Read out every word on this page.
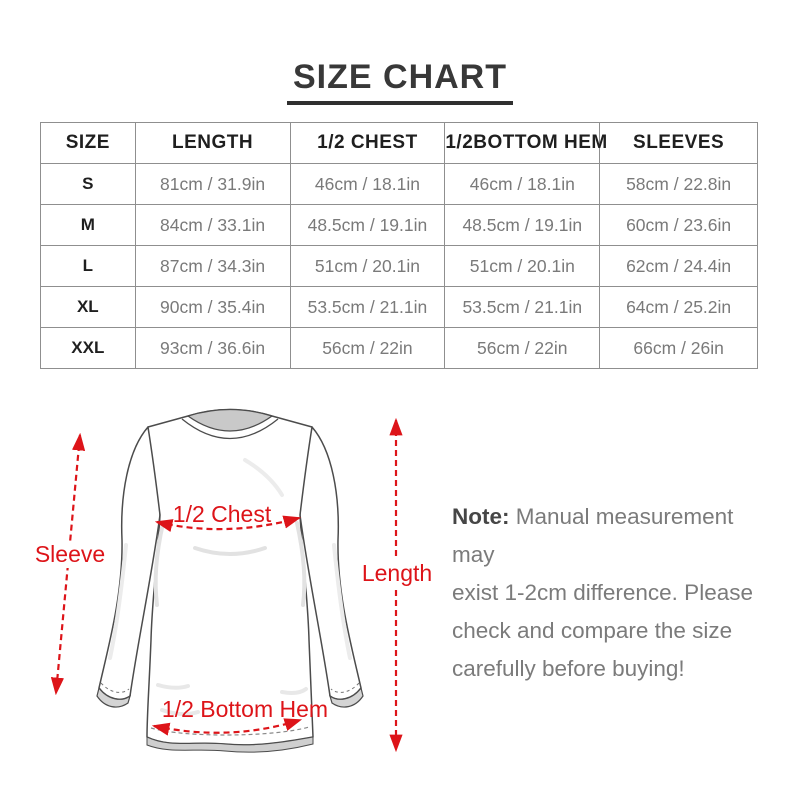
SIZE CHART
SIZE	LENGTH	1/2 CHEST	1/2BOTTOM HEM	SLEEVES
S	81cm / 31.9in	46cm / 18.1in	46cm / 18.1in	58cm / 22.8in
M	84cm / 33.1in	48.5cm / 19.1in	48.5cm / 19.1in	60cm / 23.6in
L	87cm / 34.3in	51cm / 20.1in	51cm / 20.1in	62cm / 24.4in
XL	90cm / 35.4in	53.5cm / 21.1in	53.5cm / 21.1in	64cm / 25.2in
XXL	93cm / 36.6in	56cm / 22in	56cm / 22in	66cm / 26in
Sleeve
1/2 Chest
Length
1/2 Bottom Hem

Note: Manual measurement may
exist 1-2cm difference. Please
check and compare the size
carefully before buying!
